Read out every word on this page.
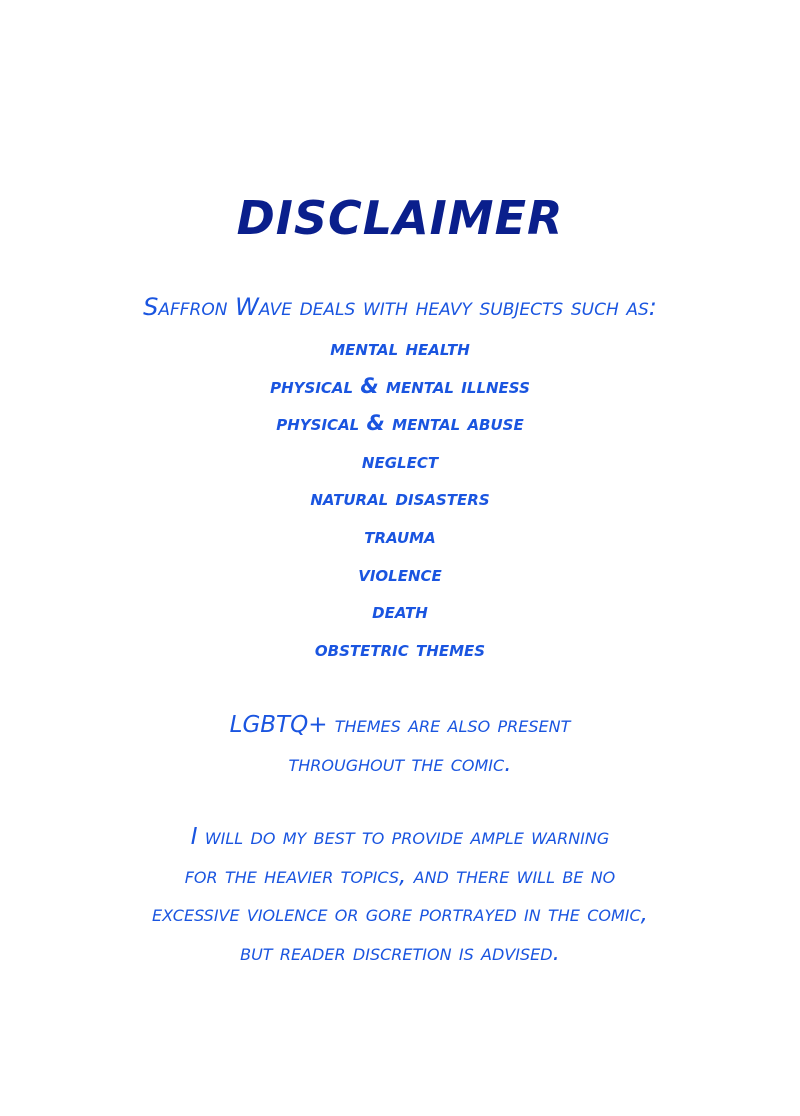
DISCLAIMER
Saffron Wave deals with heavy subjects such as:
mental health
physical & mental illness
physical & mental abuse
neglect
natural disasters
trauma
violence
death
obstetric themes
LGBTQ+ themes are also present
throughout the comic.
I will do my best to provide ample warning
for the heavier topics, and there will be no
excessive violence or gore portrayed in the comic,
but reader discretion is advised.
